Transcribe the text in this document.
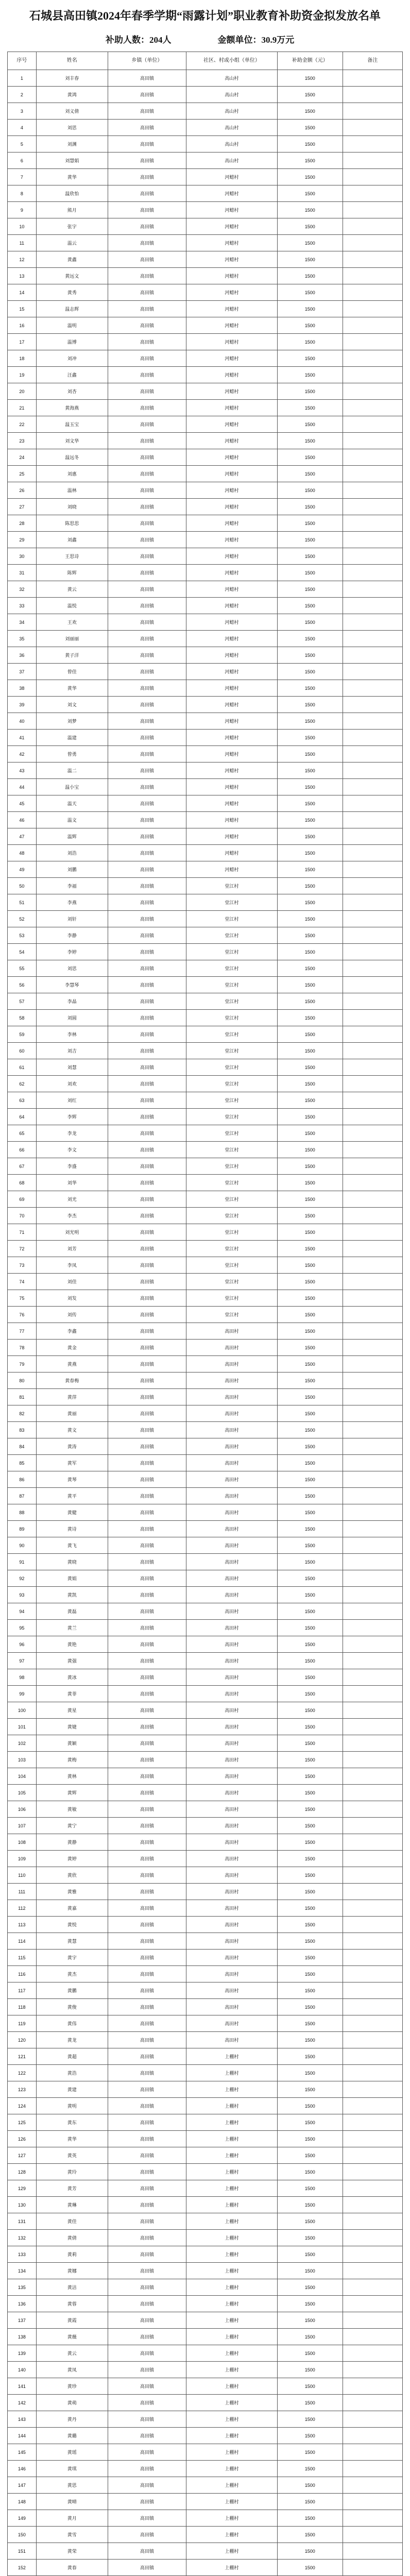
石城县高田镇2024年春季学期“雨露计划”职业教育补助资金拟发放名单
补助人数：204人	金额单位：30.9万元
序号	姓名	乡镇（单位）	社区、村或小组（单位）	补助金额（元）	备注
1	刘丰春	高田镇	高山村	1500	
2	黄鸿	高田镇	高山村	1500	
3	刘义倩	高田镇	高山村	1500	
4	刘思	高田镇	高山村	1500	
5	刘渊	高田镇	高山村	1500	
6	刘慧娟	高田镇	高山村	1500	
7	黄华	高田镇	河蜡村	1500	
8	温欣怡	高田镇	河蜡村	1500	
9	熊月	高田镇	河蜡村	1500	
10	张宇	高田镇	河蜡村	1500	
11	温云	高田镇	河蜡村	1500	
12	黄鑫	高田镇	河蜡村	1500	
13	黄远文	高田镇	河蜡村	1500	
14	黄秀	高田镇	河蜡村	1500	
15	温志辉	高田镇	河蜡村	1500	
16	温明	高田镇	河蜡村	1500	
17	温博	高田镇	河蜡村	1500	
18	刘冲	高田镇	河蜡村	1500	
19	汪鑫	高田镇	河蜡村	1500	
20	刘杏	高田镇	河蜡村	1500	
21	黄海燕	高田镇	河蜡村	1500	
22	温玉宝	高田镇	河蜡村	1500	
23	刘文华	高田镇	河蜡村	1500	
24	温远冬	高田镇	河蜡村	1500	
25	刘惠	高田镇	河蜡村	1500	
26	温林	高田镇	河蜡村	1500	
27	刘晓	高田镇	河蜡村	1500	
28	陈思思	高田镇	河蜡村	1500	
29	刘鑫	高田镇	河蜡村	1500	
30	王思诗	高田镇	河蜡村	1500	
31	陈辉	高田镇	河蜡村	1500	
32	黄云	高田镇	河蜡村	1500	
33	温悦	高田镇	河蜡村	1500	
34	王欢	高田镇	河蜡村	1500	
35	刘丽丽	高田镇	河蜡村	1500	
36	黄子洋	高田镇	河蜡村	1500	
37	曾佳	高田镇	河蜡村	1500	
38	黄华	高田镇	河蜡村	1500	
39	刘文	高田镇	河蜡村	1500	
40	刘梦	高田镇	河蜡村	1500	
41	温建	高田镇	河蜡村	1500	
42	曾勇	高田镇	河蜡村	1500	
43	温二	高田镇	河蜡村	1500	
44	温小宝	高田镇	河蜡村	1500	
45	温天	高田镇	河蜡村	1500	
46	温文	高田镇	河蜡村	1500	
47	温辉	高田镇	河蜡村	1500	
48	刘浩	高田镇	河蜡村	1500	
49	刘鹏	高田镇	河蜡村	1500	
50	李福	高田镇	堂江村	1500	
51	李燕	高田镇	堂江村	1500	
52	刘轩	高田镇	堂江村	1500	
53	李静	高田镇	堂江村	1500	
54	李婷	高田镇	堂江村	1500	
55	刘思	高田镇	堂江村	1500	
56	李慧琴	高田镇	堂江村	1500	
57	李晶	高田镇	堂江村	1500	
58	刘圆	高田镇	堂江村	1500	
59	李林	高田镇	堂江村	1500	
60	刘吉	高田镇	堂江村	1500	
61	刘慧	高田镇	堂江村	1500	
62	刘欢	高田镇	堂江村	1500	
63	刘红	高田镇	堂江村	1500	
64	李辉	高田镇	堂江村	1500	
65	李龙	高田镇	堂江村	1500	
66	李文	高田镇	堂江村	1500	
67	李盛	高田镇	堂江村	1500	
68	刘华	高田镇	堂江村	1500	
69	刘光	高田镇	堂江村	1500	
70	李杰	高田镇	堂江村	1500	
71	刘光明	高田镇	堂江村	1500	
72	刘芳	高田镇	堂江村	1500	
73	李凤	高田镇	堂江村	1500	
74	刘佳	高田镇	堂江村	1500	
75	刘发	高田镇	堂江村	1500	
76	刘传	高田镇	堂江村	1500	
77	李鑫	高田镇	高田村	1500	
78	黄金	高田镇	高田村	1500	
79	黄燕	高田镇	高田村	1500	
80	黄春梅	高田镇	高田村	1500	
81	黄萍	高田镇	高田村	1500	
82	黄丽	高田镇	高田村	1500	
83	黄文	高田镇	高田村	1500	
84	黄涛	高田镇	高田村	1500	
85	黄军	高田镇	高田村	1500	
86	黄琴	高田镇	高田村	1500	
87	黄平	高田镇	高田村	1500	
88	黄健	高田镇	高田村	1500	
89	黄诗	高田镇	高田村	1500	
90	黄飞	高田镇	高田村	1500	
91	黄晓	高田镇	高田村	1500	
92	黄娟	高田镇	高田村	1500	
93	黄凯	高田镇	高田村	1500	
94	黄磊	高田镇	高田村	1500	
95	黄兰	高田镇	高田村	1500	
96	黄艳	高田镇	高田村	1500	
97	黄强	高田镇	高田村	1500	
98	黄冰	高田镇	高田村	1500	
99	黄菲	高田镇	高田村	1500	
100	黄星	高田镇	高田村	1500	
101	黄婕	高田镇	高田村	1500	
102	黄颖	高田镇	高田村	1500	
103	黄梅	高田镇	高田村	1500	
104	黄林	高田镇	高田村	1500	
105	黄辉	高田镇	高田村	1500	
106	黄敏	高田镇	高田村	1500	
107	黄宁	高田镇	高田村	1500	
108	黄静	高田镇	高田村	1500	
109	黄婷	高田镇	高田村	1500	
110	黄欣	高田镇	高田村	1500	
111	黄雅	高田镇	高田村	1500	
112	黄嘉	高田镇	高田村	1500	
113	黄悦	高田镇	高田村	1500	
114	黄慧	高田镇	高田村	1500	
115	黄宇	高田镇	高田村	1500	
116	黄杰	高田镇	高田村	1500	
117	黄鹏	高田镇	高田村	1500	
118	黄俊	高田镇	高田村	1500	
119	黄伟	高田镇	高田村	1500	
120	黄龙	高田镇	高田村	1500	
121	黄超	高田镇	上棚村	1500	
122	黄浩	高田镇	上棚村	1500	
123	黄建	高田镇	上棚村	1500	
124	黄明	高田镇	上棚村	1500	
125	黄东	高田镇	上棚村	1500	
126	黄华	高田镇	上棚村	1500	
127	黄英	高田镇	上棚村	1500	
128	黄玲	高田镇	上棚村	1500	
129	黄芳	高田镇	上棚村	1500	
130	黄琳	高田镇	上棚村	1500	
131	黄佳	高田镇	上棚村	1500	
132	黄倩	高田镇	上棚村	1500	
133	黄莉	高田镇	上棚村	1500	
134	黄娜	高田镇	上棚村	1500	
135	黄洁	高田镇	上棚村	1500	
136	黄蓉	高田镇	上棚村	1500	
137	黄霞	高田镇	上棚村	1500	
138	黄薇	高田镇	上棚村	1500	
139	黄云	高田镇	上棚村	1500	
140	黄凤	高田镇	上棚村	1500	
141	黄珍	高田镇	上棚村	1500	
142	黄萌	高田镇	上棚村	1500	
143	黄丹	高田镇	上棚村	1500	
144	黄璐	高田镇	上棚村	1500	
145	黄瑶	高田镇	上棚村	1500	
146	黄琪	高田镇	上棚村	1500	
147	黄思	高田镇	上棚村	1500	
148	黄晴	高田镇	上棚村	1500	
149	黄月	高田镇	上棚村	1500	
150	黄雪	高田镇	上棚村	1500	
151	黄荣	高田镇	上棚村	1500	
152	黄春	高田镇	上棚村	1500	
